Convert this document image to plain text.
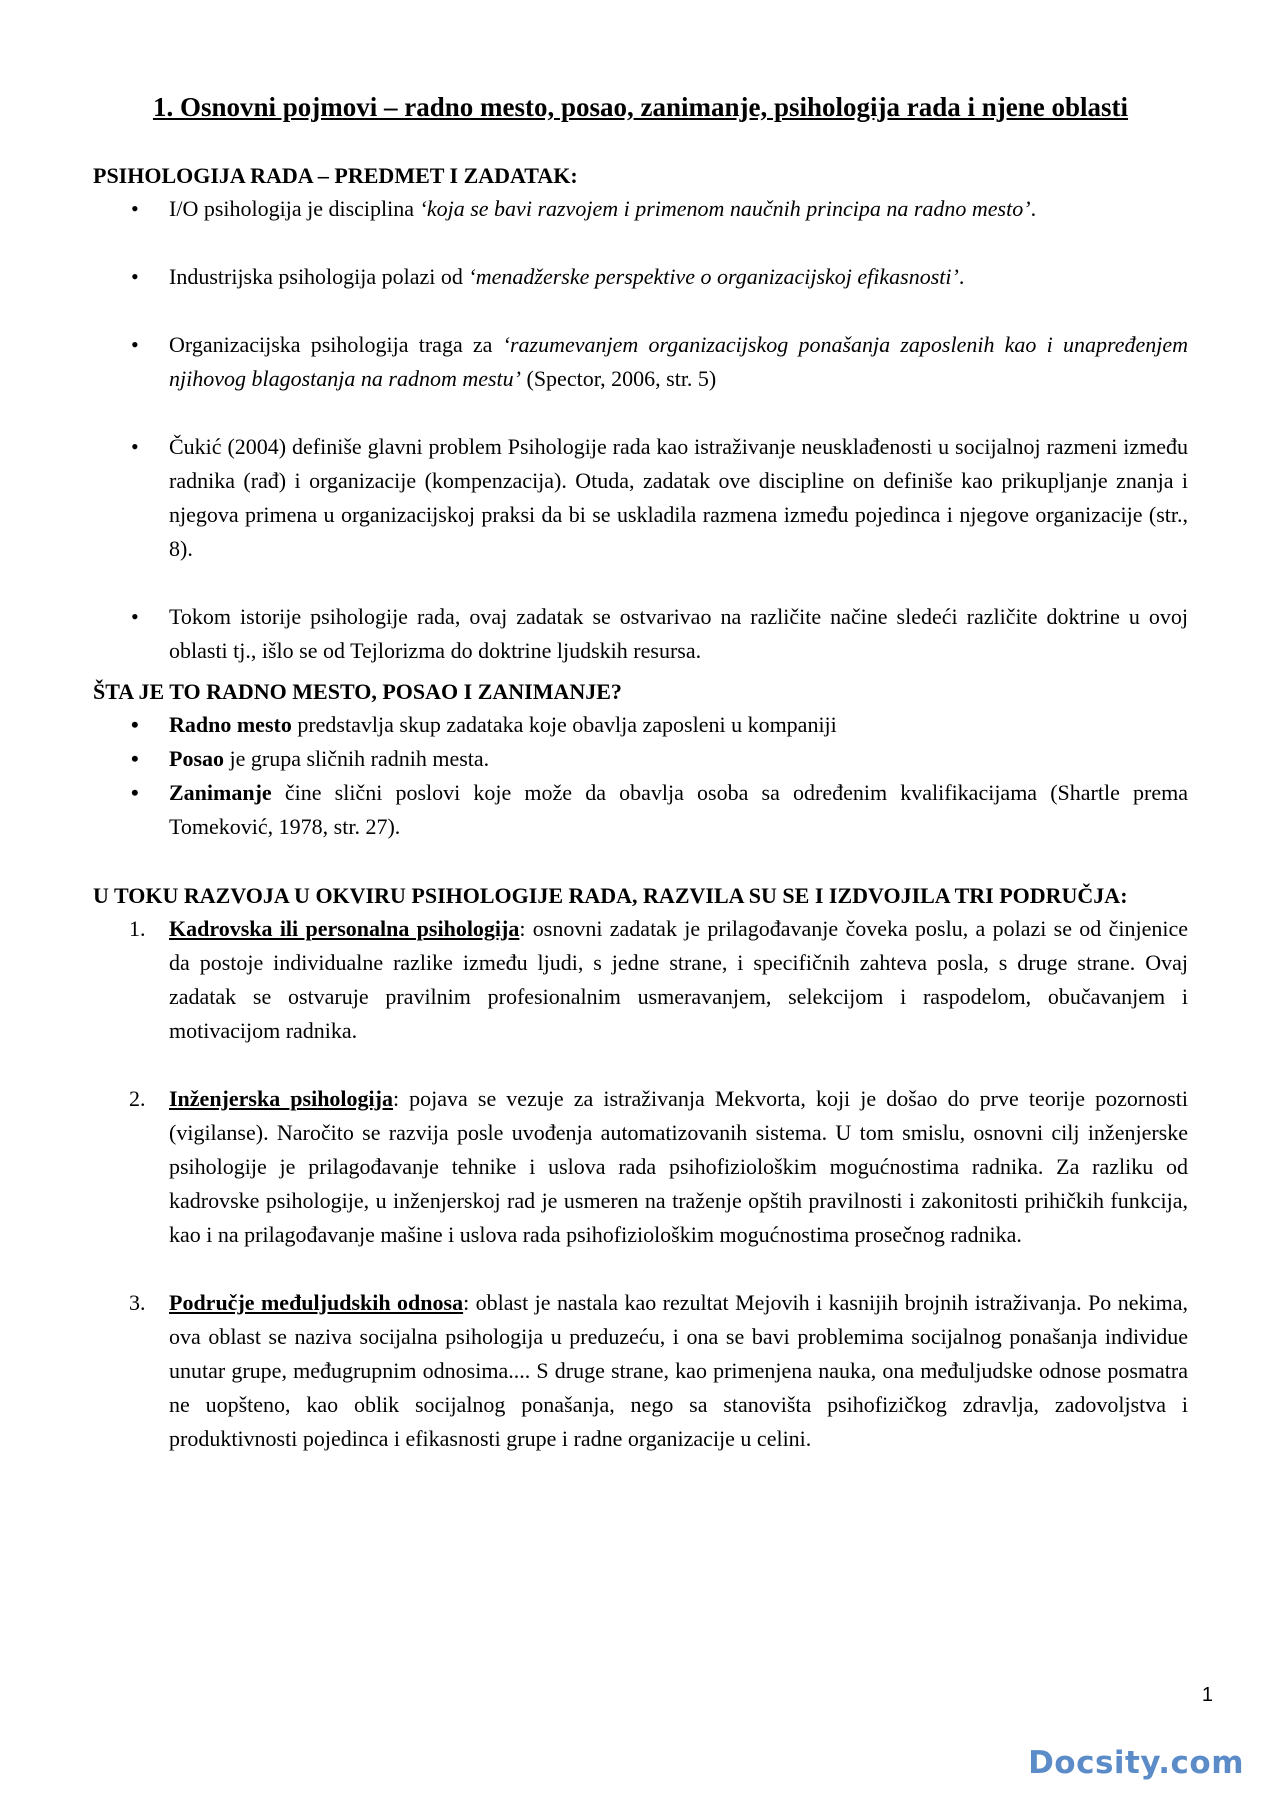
1. Osnovni pojmovi – radno mesto, posao, zanimanje, psihologija rada i njene oblasti
PSIHOLOGIJA RADA – PREDMET I ZADATAK:
• I/O psihologija je disciplina ‘koja se bavi razvojem i primenom naučnih principa na radno mesto’.
• Industrijska psihologija polazi od ‘menadžerske perspektive o organizacijskoj efikasnosti’.
• Organizacijska psihologija traga za ‘razumevanjem organizacijskog ponašanja zaposlenih kao i unapređenjem njihovog blagostanja na radnom mestu’ (Spector, 2006, str. 5)
• Čukić (2004) definiše glavni problem Psihologije rada kao istraživanje neusklađenosti u socijalnoj razmeni između radnika (rađ) i organizacije (kompenzacija). Otuda, zadatak ove discipline on definiše kao prikupljanje znanja i njegova primena u organizacijskoj praksi da bi se uskladila razmena između pojedinca i njegove organizacije (str., 8).
• Tokom istorije psihologije rada, ovaj zadatak se ostvarivao na različite načine sledeći različite doktrine u ovoj oblasti tj., išlo se od Tejlorizma do doktrine ljudskih resursa.
ŠTA JE TO RADNO MESTO, POSAO I ZANIMANJE?
• Radno mesto predstavlja skup zadataka koje obavlja zaposleni u kompaniji
• Posao je grupa sličnih radnih mesta.
• Zanimanje čine slični poslovi koje može da obavlja osoba sa određenim kvalifikacijama (Shartle prema Tomeković, 1978, str. 27).
U TOKU RAZVOJA U OKVIRU PSIHOLOGIJE RADA, RAZVILA SU SE I IZDVOJILA TRI PODRUČJA:
1. Kadrovska ili personalna psihologija: osnovni zadatak je prilagođavanje čoveka poslu, a polazi se od činjenice da postoje individualne razlike između ljudi, s jedne strane, i specifičnih zahteva posla, s druge strane. Ovaj zadatak se ostvaruje pravilnim profesionalnim usmeravanjem, selekcijom i raspodelom, obučavanjem i motivacijom radnika.
2. Inženjerska psihologija: pojava se vezuje za istraživanja Mekvorta, koji je došao do prve teorije pozornosti (vigilanse). Naročito se razvija posle uvođenja automatizovanih sistema. U tom smislu, osnovni cilj inženjerske psihologije je prilagođavanje tehnike i uslova rada psihofiziološkim mogućnostima radnika. Za razliku od kadrovske psihologije, u inženjerskoj rad je usmeren na traženje opštih pravilnosti i zakonitosti prihičkih funkcija, kao i na prilagođavanje mašine i uslova rada psihofiziološkim mogućnostima prosečnog radnika.
3. Područje međuljudskih odnosa: oblast je nastala kao rezultat Mejovih i kasnijih brojnih istraživanja. Po nekima, ova oblast se naziva socijalna psihologija u preduzeću, i ona se bavi problemima socijalnog ponašanja individue unutar grupe, međugrupnim odnosima.... S druge strane, kao primenjena nauka, ona međuljudske odnose posmatra ne uopšteno, kao oblik socijalnog ponašanja, nego sa stanovišta psihofizičkog zdravlja, zadovoljstva i produktivnosti pojedinca i efikasnosti grupe i radne organizacije u celini.
1
Docsity.com
